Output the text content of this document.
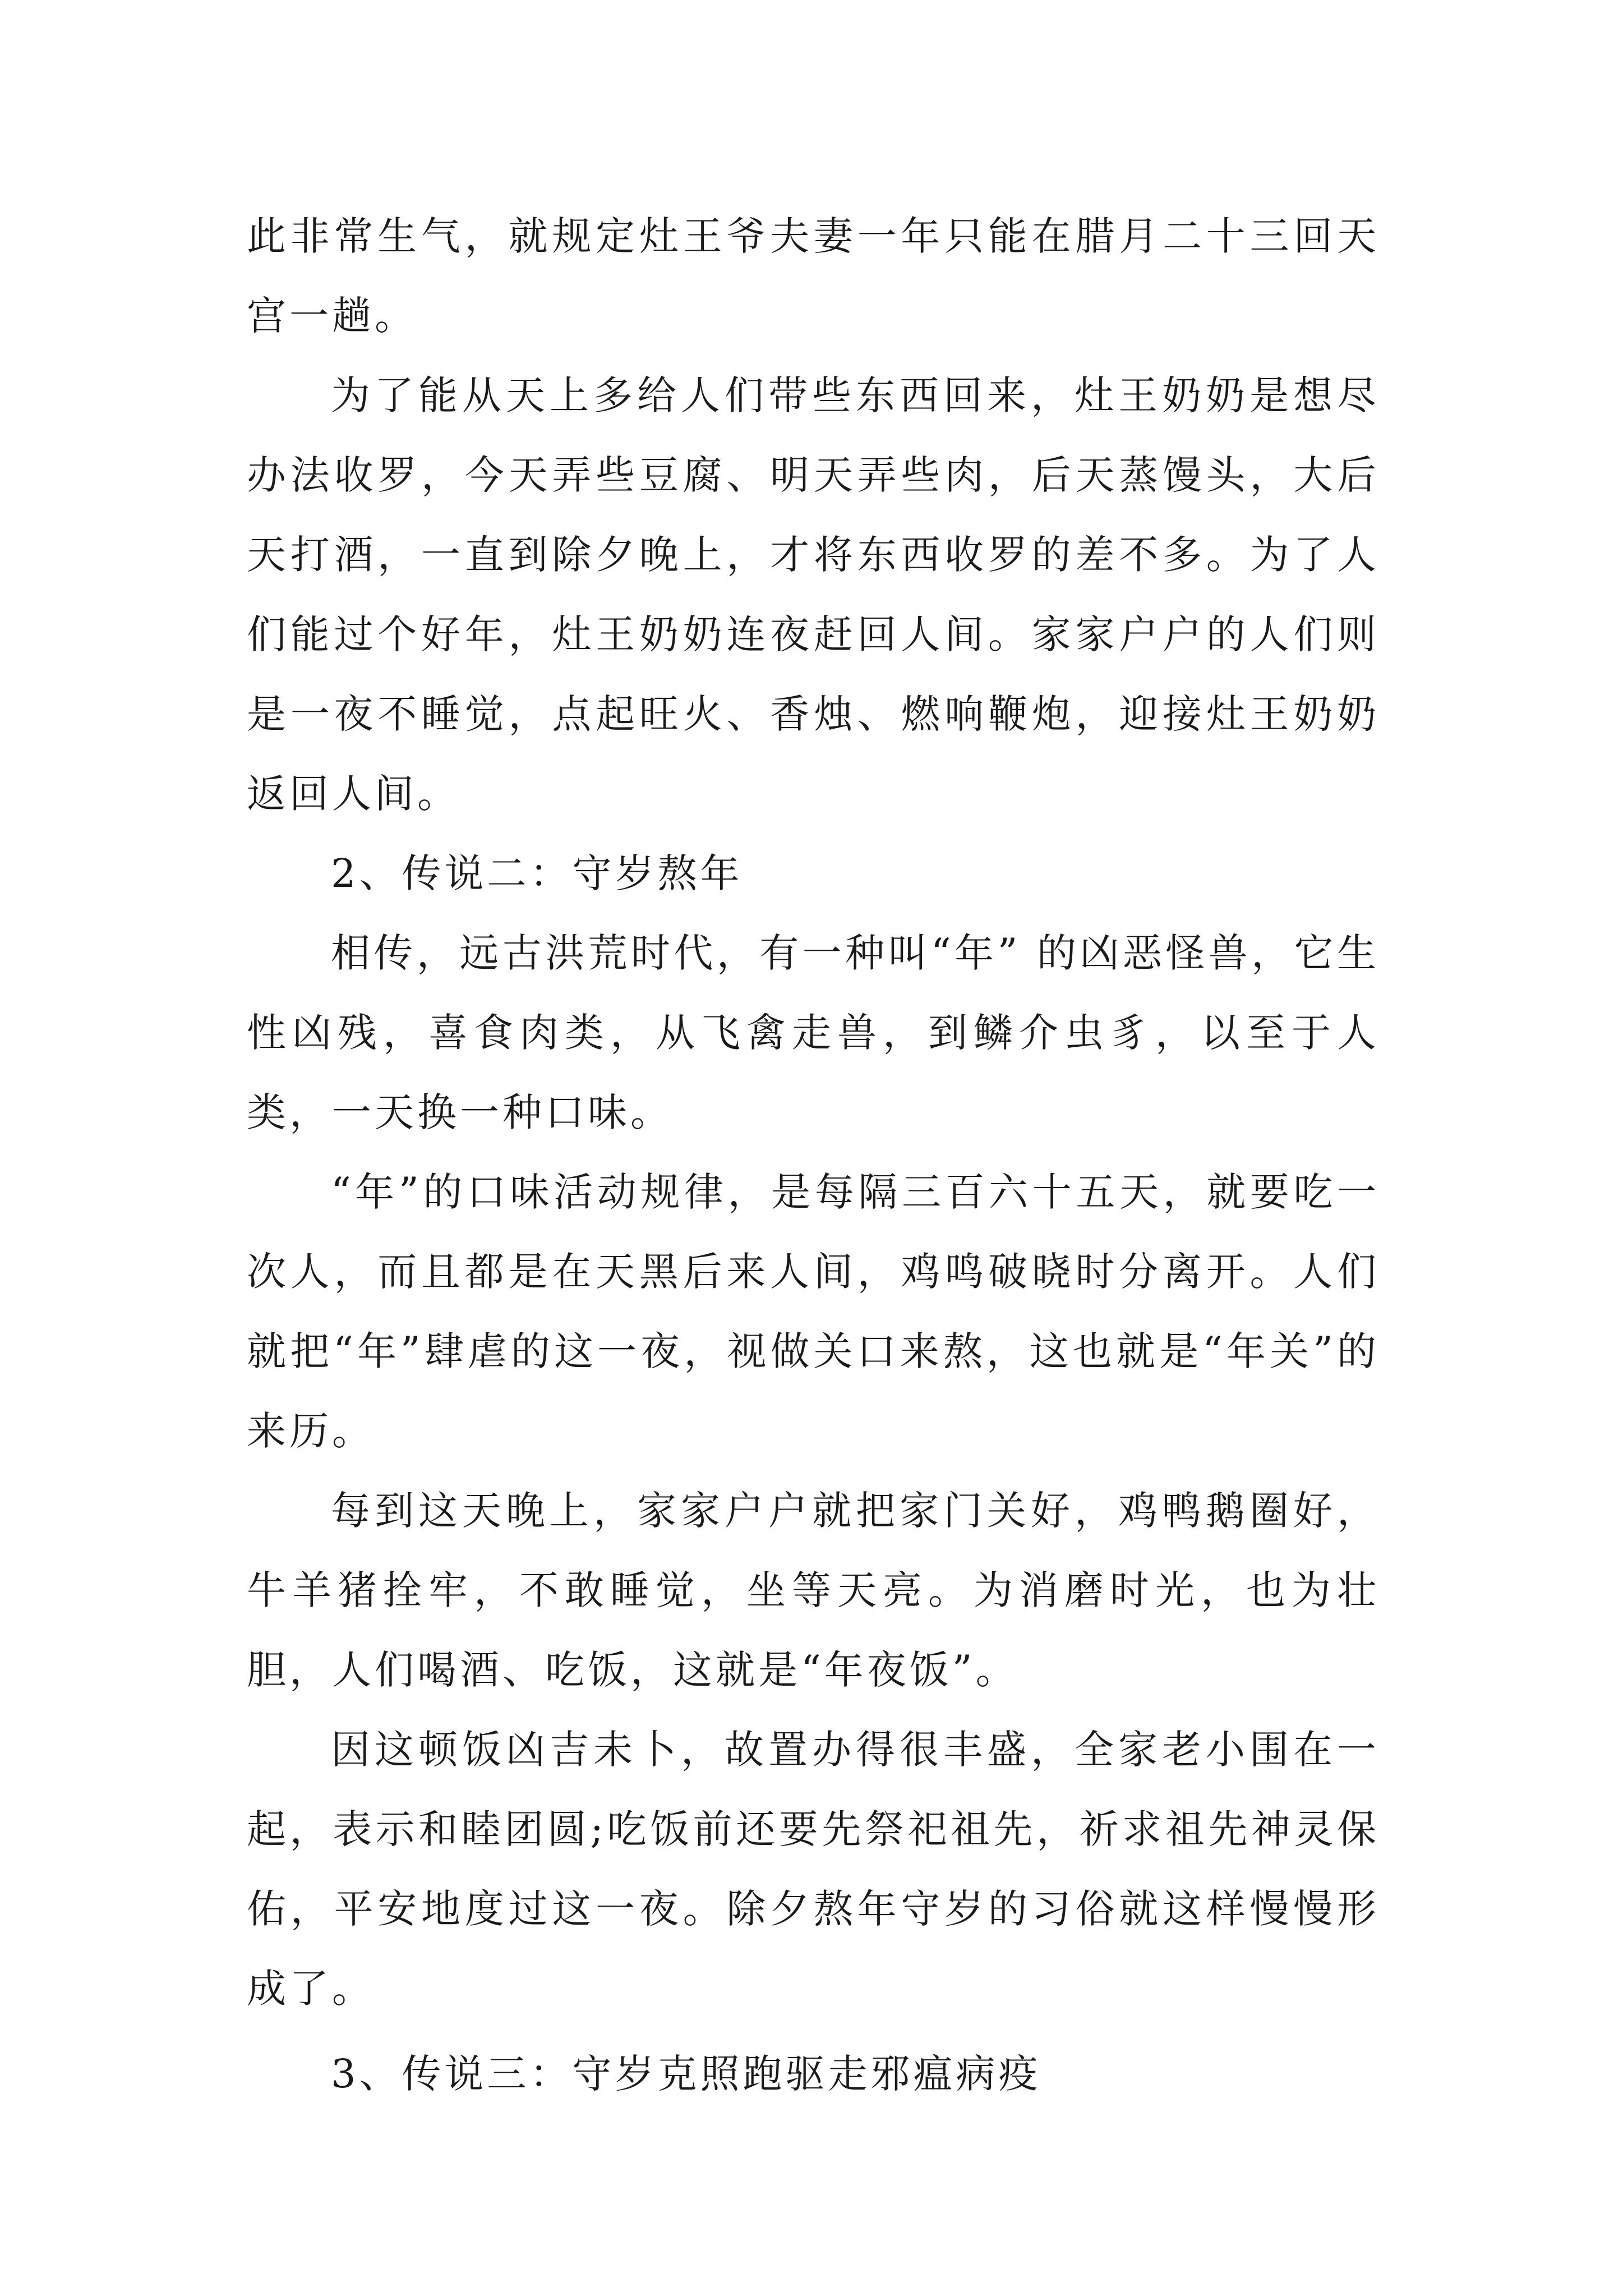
此非常生气，就规定灶王爷夫妻一年只能在腊月二十三回天宫一趟。

为了能从天上多给人们带些东西回来，灶王奶奶是想尽办法收罗，今天弄些豆腐、明天弄些肉，后天蒸馒头，大后天打酒，一直到除夕晚上，才将东西收罗的差不多。为了人们能过个好年，灶王奶奶连夜赶回人间。家家户户的人们则是一夜不睡觉，点起旺火、香烛、燃响鞭炮，迎接灶王奶奶返回人间。

2、传说二：守岁熬年

相传，远古洪荒时代，有一种叫“年” 的凶恶怪兽，它生性凶残，喜食肉类，从飞禽走兽，到鳞介虫豸，以至于人类，一天换一种口味。

“年”的口味活动规律，是每隔三百六十五天，就要吃一次人，而且都是在天黑后来人间，鸡鸣破晓时分离开。人们就把“年”肆虐的这一夜，视做关口来熬，这也就是“年关”的来历。

每到这天晚上，家家户户就把家门关好，鸡鸭鹅圈好，牛羊猪拴牢，不敢睡觉，坐等天亮。为消磨时光，也为壮胆，人们喝酒、吃饭，这就是“年夜饭”。

因这顿饭凶吉未卜，故置办得很丰盛，全家老小围在一起，表示和睦团圆;吃饭前还要先祭祀祖先，祈求祖先神灵保佑，平安地度过这一夜。除夕熬年守岁的习俗就这样慢慢形成了。

3、传说三：守岁克照跑驱走邪瘟病疫
